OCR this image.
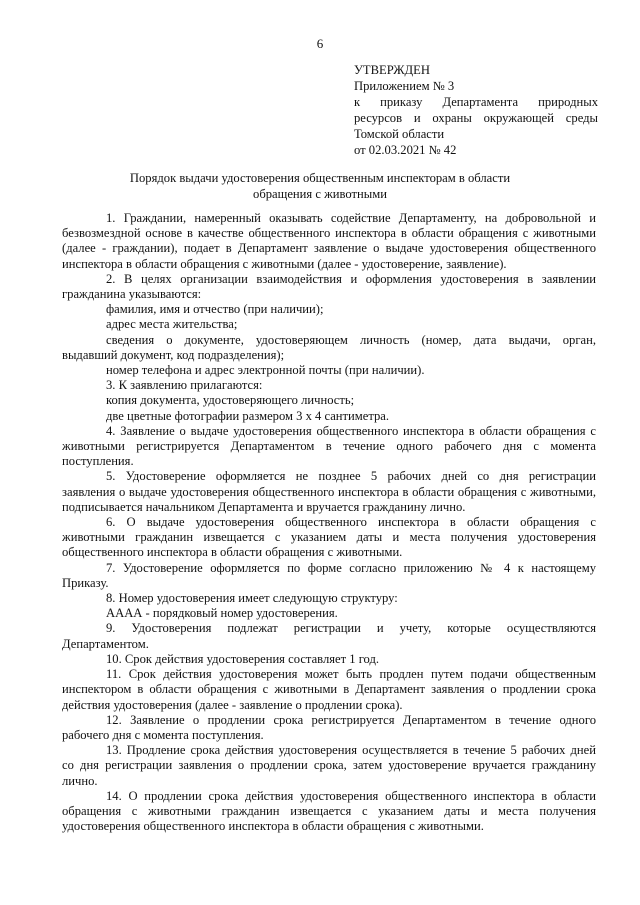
6
УТВЕРЖДЕН
Приложением № 3
к приказу Департамента природных
ресурсов и охраны окружающей среды
Томской области
от 02.03.2021 № 42
Порядок выдачи удостоверения общественным инспекторам в области
обращения с животными
1. Граждании, намеренный оказывать содействие Департаменту, на добровольной и
безвозмездной основе в качестве общественного инспектора в области обращения с животными (далее - граждании), подает в Департамент заявление о выдаче удостоверения общественного инспектора в области обращения с животными (далее - удостоверение, заявление).
2. В целях организации взаимодействия и оформления удостоверения в заявлении
гражданина указываются:
фамилия, имя и отчество (при наличии);
адрес места жительства;
сведения о документе, удостоверяющем личность (номер, дата выдачи, орган,
выдавший документ, код подразделения);
номер телефона и адрес электронной почты (при наличии).
3. К заявлению прилагаются:
копия документа, удостоверяющего личность;
две цветные фотографии размером 3 х 4 сантиметра.
4. Заявление о выдаче удостоверения общественного инспектора в области обращения с
животными регистрируется Департаментом в течение одного рабочего дня с момента поступления.
5. Удостоверение оформляется не позднее 5 рабочих дней со дня регистрации
заявления о выдаче удостоверения общественного инспектора в области обращения с животными, подписывается начальником Департамента и вручается гражданину лично.
6. О выдаче удостоверения общественного инспектора в области обращения с
животными гражданин извещается с указанием даты и места получения удостоверения общественного инспектора в области обращения с животными.
7. Удостоверение оформляется по форме согласно приложению № 4 к настоящему
Приказу.
8. Номер удостоверения имеет следующую структуру:
АААА - порядковый номер удостоверения.
9. Удостоверения подлежат регистрации и учету, которые осуществляются
Департаментом.
10. Срок действия удостоверения составляет 1 год.
11. Срок действия удостоверения может быть продлен путем подачи общественным
инспектором в области обращения с животными в Департамент заявления о продлении срока действия удостоверения (далее - заявление о продлении срока).
12. Заявление о продлении срока регистрируется Департаментом в течение одного
рабочего дня с момента поступления.
13. Продление срока действия удостоверения осуществляется в течение 5 рабочих дней
со дня регистрации заявления о продлении срока, затем удостоверение вручается гражданину лично.
14. О продлении срока действия удостоверения общественного инспектора в области
обращения с животными гражданин извещается с указанием даты и места получения удостоверения общественного инспектора в области обращения с животными.
